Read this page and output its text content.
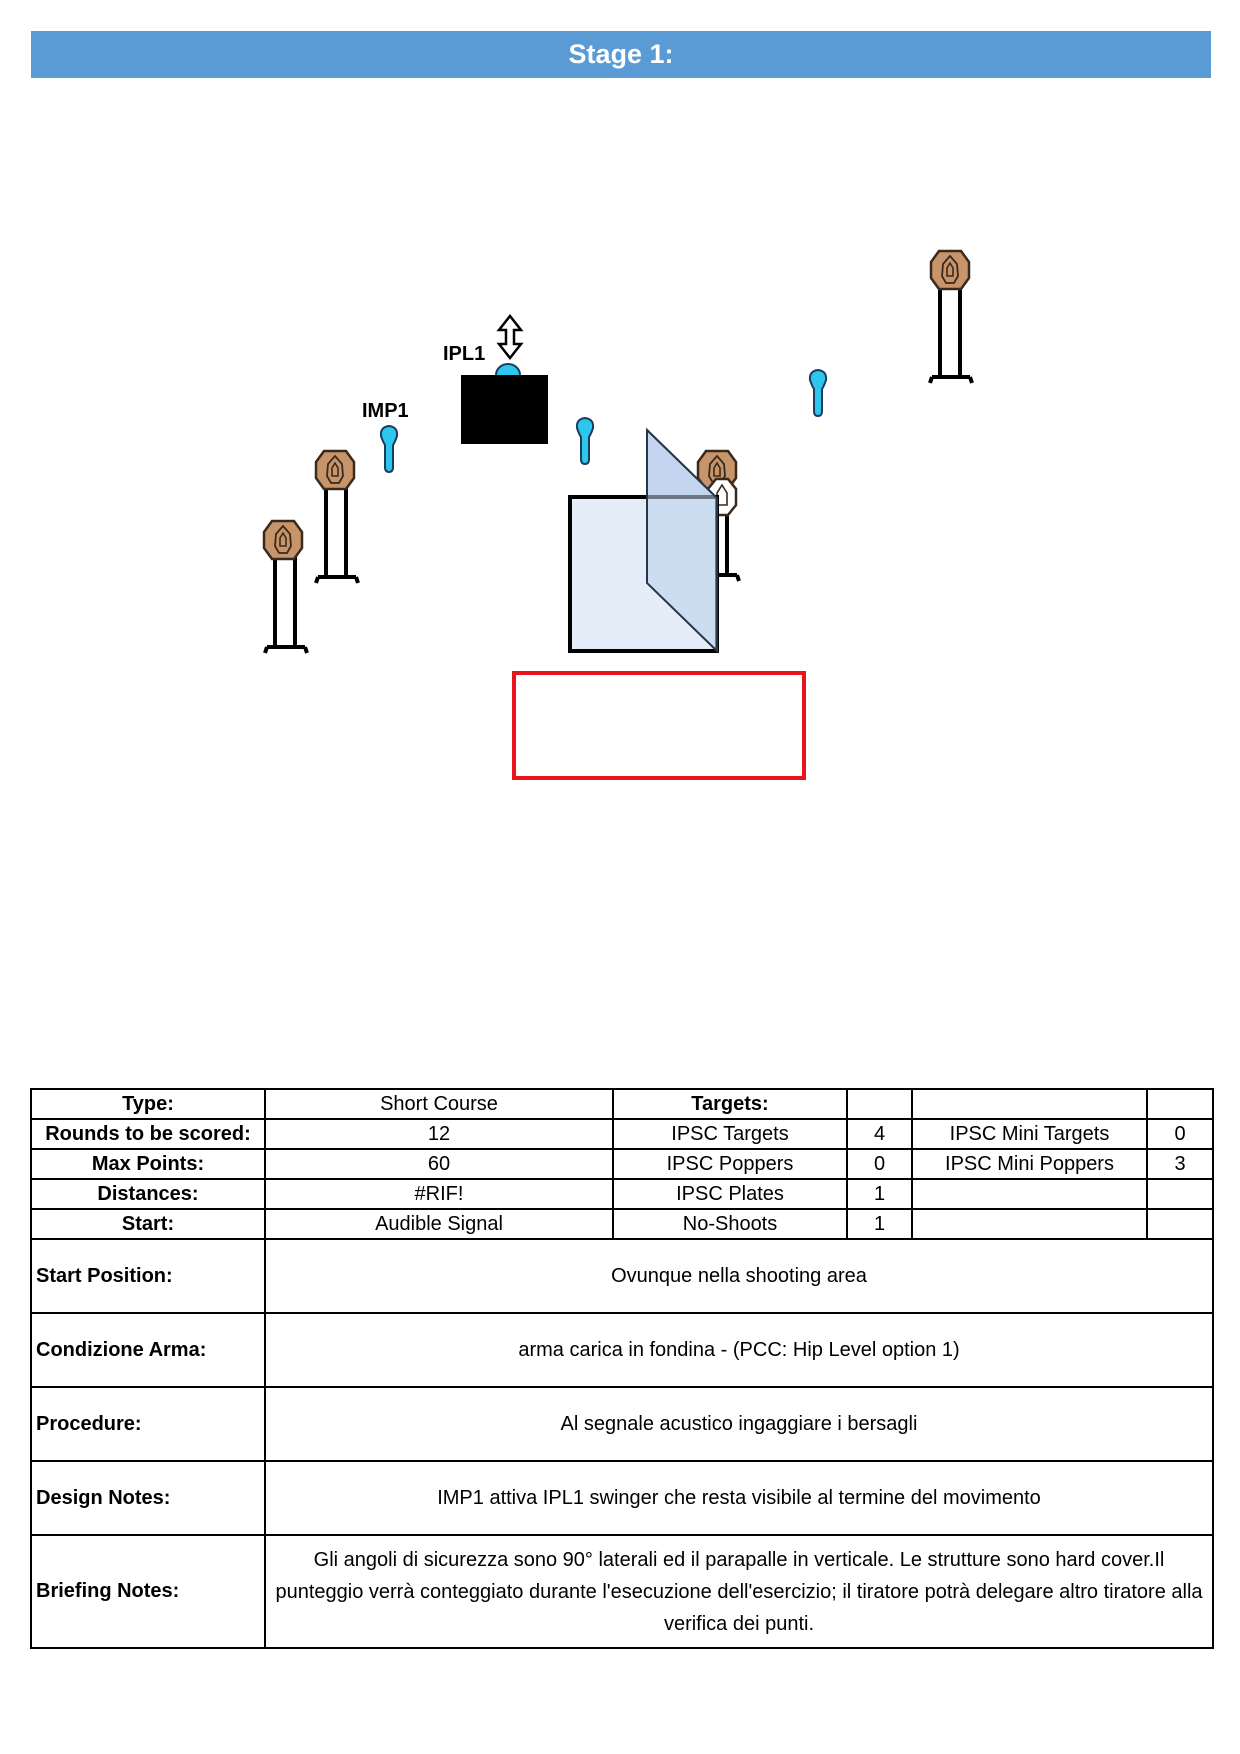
Stage 1:
IPL1
IMP1
Type:	Short Course	Targets:			
Rounds to be scored:	12	IPSC Targets	4	IPSC Mini Targets	0
Max Points:	60	IPSC Poppers	0	IPSC Mini Poppers	3
Distances:	#RIF!	IPSC Plates	1		
Start:	Audible Signal	No-Shoots	1		
Start Position:	Ovunque nella shooting area				
Condizione Arma:	arma carica in fondina - (PCC: Hip Level option 1)				
Procedure:	Al segnale acustico ingaggiare i bersagli				
Design Notes:	IMP1 attiva IPL1 swinger che resta visibile al termine del movimento				
Briefing Notes:	Gli angoli di sicurezza sono 90° laterali ed il parapalle in verticale. Le strutture sono hard cover.Il punteggio verrà conteggiato durante l'esecuzione dell'esercizio; il tiratore potrà delegare altro tiratore alla verifica dei punti.				
